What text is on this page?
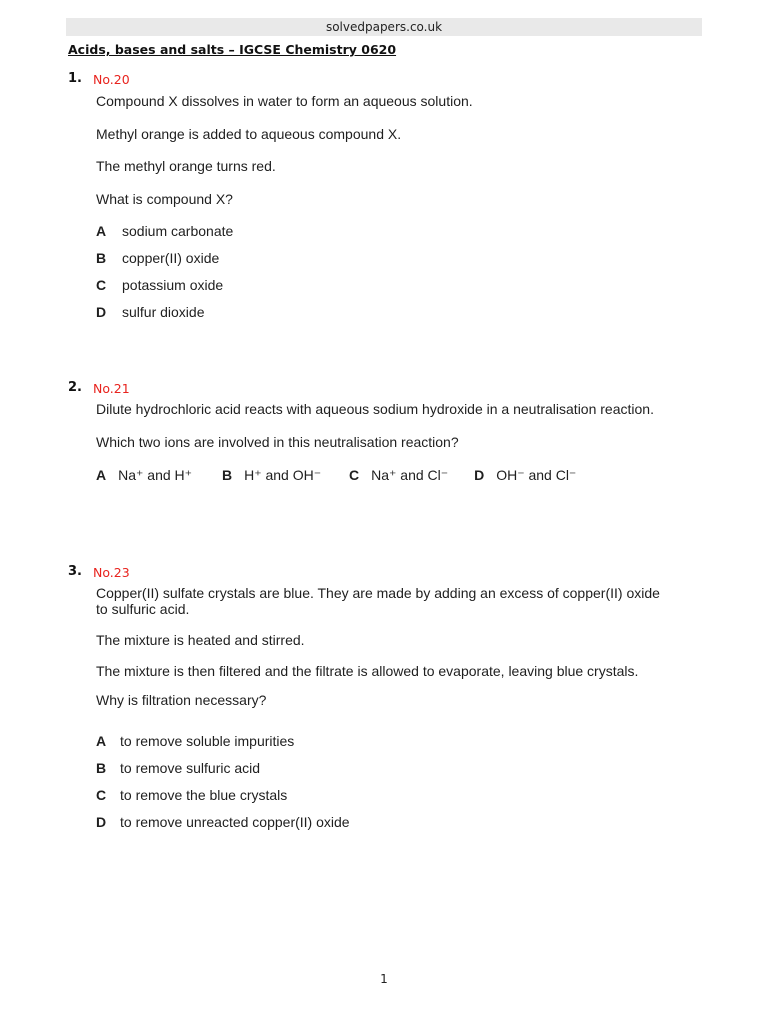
solvedpapers.co.uk
Acids, bases and salts – IGCSE Chemistry 0620
1. No.20
Compound X dissolves in water to form an aqueous solution.
Methyl orange is added to aqueous compound X.
The methyl orange turns red.
What is compound X?
A sodium carbonate
B copper(II) oxide
C potassium oxide
D sulfur dioxide
2. No.21
Dilute hydrochloric acid reacts with aqueous sodium hydroxide in a neutralisation reaction.
Which two ions are involved in this neutralisation reaction?
A Na⁺ and H⁺ B H⁺ and OH⁻ C Na⁺ and Cl⁻ D OH⁻ and Cl⁻
3. No.23
Copper(II) sulfate crystals are blue. They are made by adding an excess of copper(II) oxide
to sulfuric acid.
The mixture is heated and stirred.
The mixture is then filtered and the filtrate is allowed to evaporate, leaving blue crystals.
Why is filtration necessary?
A to remove soluble impurities
B to remove sulfuric acid
C to remove the blue crystals
D to remove unreacted copper(II) oxide
1
